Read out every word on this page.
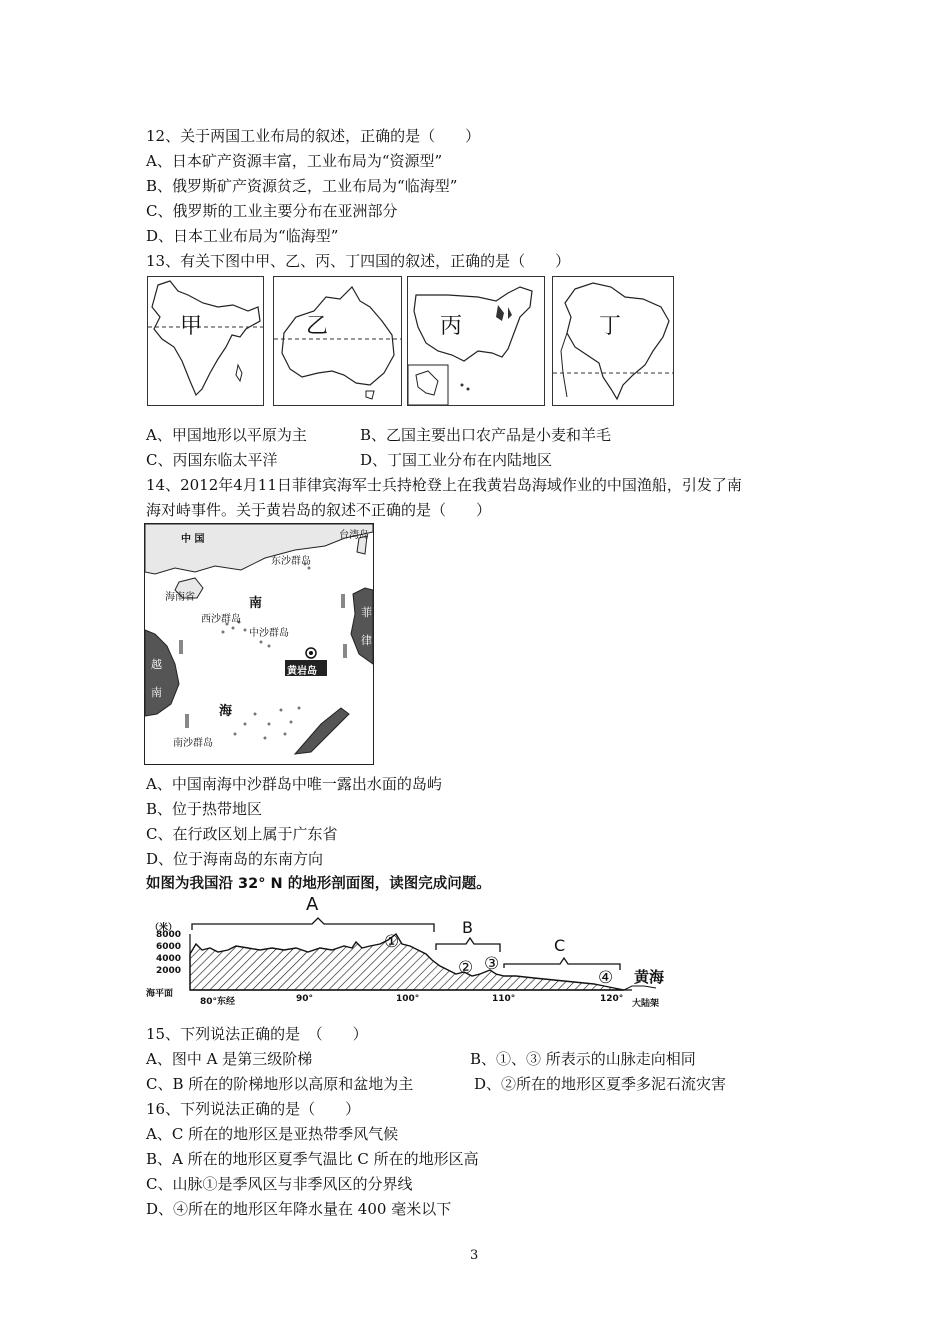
12、关于两国工业布局的叙述，正确的是（　　）
A、日本矿产资源丰富，工业布局为“资源型”
B、俄罗斯矿产资源贫乏，工业布局为“临海型”
C、俄罗斯的工业主要分布在亚洲部分
D、日本工业布局为“临海型”
13、有关下图中甲、乙、丙、丁四国的叙述，正确的是（　　）
甲	乙	丙	丁
A、甲国地形以平原为主	B、乙国主要出口农产品是小麦和羊毛
C、丙国东临太平洋	D、丁国工业分布在内陆地区
14、2012年4月11日菲律宾海军士兵持枪登上在我黄岩岛海域作业的中国渔船，引发了南
海对峙事件。关于黄岩岛的叙述不正确的是（　　）
中 国	台湾岛
东沙群岛
海南省	南
西沙群岛
中沙群岛
黄岩岛
海
南沙群岛
越
南
菲
律
A、中国南海中沙群岛中唯一露出水面的岛屿
B、位于热带地区
C、在行政区划上属于广东省
D、位于海南岛的东南方向
如图为我国沿 32° N 的地形剖面图，读图完成问题。
（米）
8000
6000
4000
2000
海平面
80°东经	90°	100°	110°	120° 大陆架
A
B
C
①
② ③
④ 黄海
15、下列说法正确的是　（　　）
A、图中 A 是第三级阶梯	B、①、③ 所表示的山脉走向相同
C、B 所在的阶梯地形以高原和盆地为主	D、②所在的地形区夏季多泥石流灾害
16、下列说法正确的是（　　）
A、C 所在的地形区是亚热带季风气候
B、A 所在的地形区夏季气温比 C 所在的地形区高
C、山脉①是季风区与非季风区的分界线
D、④所在的地形区年降水量在 400 毫米以下
3
